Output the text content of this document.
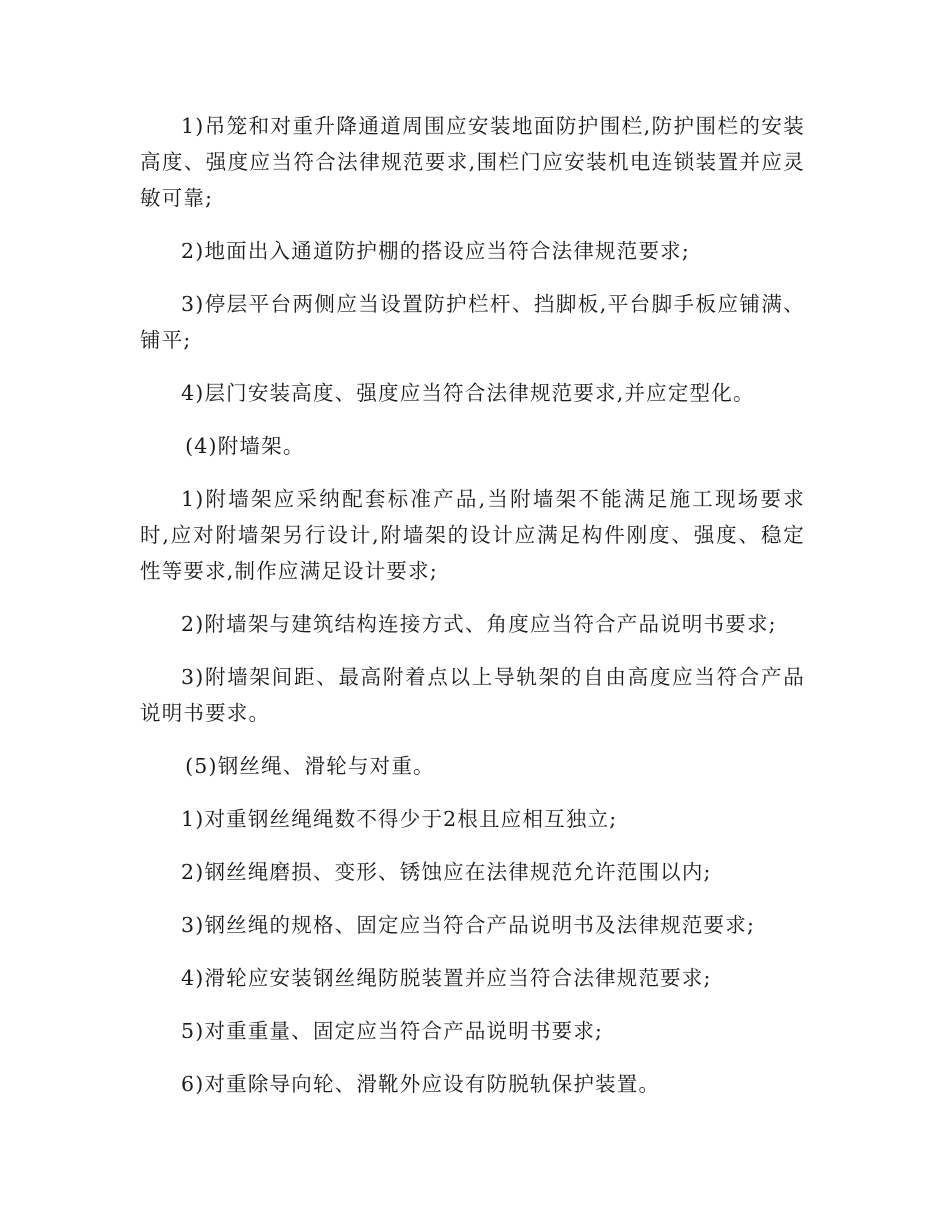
1)吊笼和对重升降通道周围应安装地面防护围栏,防护围栏的安装高度、强度应当符合法律规范要求,围栏门应安装机电连锁装置并应灵敏可靠;

2)地面出入通道防护棚的搭设应当符合法律规范要求;

3)停层平台两侧应当设置防护栏杆、挡脚板,平台脚手板应铺满、铺平;

4)层门安装高度、强度应当符合法律规范要求,并应定型化。

(4)附墙架。

1)附墙架应采纳配套标准产品,当附墙架不能满足施工现场要求时,应对附墙架另行设计,附墙架的设计应满足构件刚度、强度、稳定性等要求,制作应满足设计要求;

2)附墙架与建筑结构连接方式、角度应当符合产品说明书要求;

3)附墙架间距、最高附着点以上导轨架的自由高度应当符合产品说明书要求。

(5)钢丝绳、滑轮与对重。

1)对重钢丝绳绳数不得少于2根且应相互独立;

2)钢丝绳磨损、变形、锈蚀应在法律规范允许范围以内;

3)钢丝绳的规格、固定应当符合产品说明书及法律规范要求;

4)滑轮应安装钢丝绳防脱装置并应当符合法律规范要求;

5)对重重量、固定应当符合产品说明书要求;

6)对重除导向轮、滑靴外应设有防脱轨保护装置。
